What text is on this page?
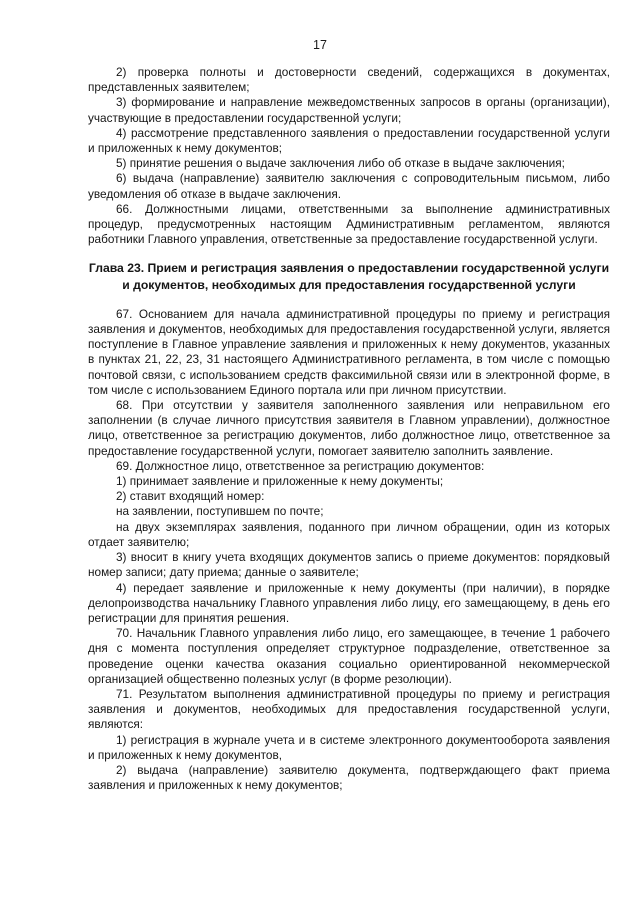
17

2) проверка полноты и достоверности сведений, содержащихся в документах, представленных заявителем;

3) формирование и направление межведомственных запросов в органы (организации), участвующие в предоставлении государственной услуги;

4) рассмотрение представленного заявления о предоставлении государственной услуги и приложенных к нему документов;

5) принятие решения о выдаче заключения либо об отказе в выдаче заключения;

6) выдача (направление) заявителю заключения с сопроводительным письмом, либо уведомления об отказе в выдаче заключения.

66. Должностными лицами, ответственными за выполнение административных процедур, предусмотренных настоящим Административным регламентом, являются работники Главного управления, ответственные за предоставление государственной услуги.

Глава 23. Прием и регистрация заявления о предоставлении государственной услуги и документов, необходимых для предоставления государственной услуги

67. Основанием для начала административной процедуры по приему и регистрация заявления и документов, необходимых для предоставления государственной услуги, является поступление в Главное управление заявления и приложенных к нему документов, указанных в пунктах 21, 22, 23, 31 настоящего Административного регламента, в том числе с помощью почтовой связи, с использованием средств факсимильной связи или в электронной форме, в том числе с использованием Единого портала или при личном присутствии.

68. При отсутствии у заявителя заполненного заявления или неправильном его заполнении (в случае личного присутствия заявителя в Главном управлении), должностное лицо, ответственное за регистрацию документов, либо должностное лицо, ответственное за предоставление государственной услуги, помогает заявителю заполнить заявление.

69. Должностное лицо, ответственное за регистрацию документов:

1) принимает заявление и приложенные к нему документы;

2) ставит входящий номер:

на заявлении, поступившем по почте;

на двух экземплярах заявления, поданного при личном обращении, один из которых отдает заявителю;

3) вносит в книгу учета входящих документов запись о приеме документов: порядковый номер записи; дату приема; данные о заявителе;

4) передает заявление и приложенные к нему документы (при наличии), в порядке делопроизводства начальнику Главного управления либо лицу, его замещающему, в день его регистрации для принятия решения.

70. Начальник Главного управления либо лицо, его замещающее, в течение 1 рабочего дня с момента поступления определяет структурное подразделение, ответственное за проведение оценки качества оказания социально ориентированной некоммерческой организацией общественно полезных услуг (в форме резолюции).

71. Результатом выполнения административной процедуры по приему и регистрация заявления и документов, необходимых для предоставления государственной услуги, являются:

1) регистрация в журнале учета и в системе электронного документооборота заявления и приложенных к нему документов,

2) выдача (направление) заявителю документа, подтверждающего факт приема заявления и приложенных к нему документов;
